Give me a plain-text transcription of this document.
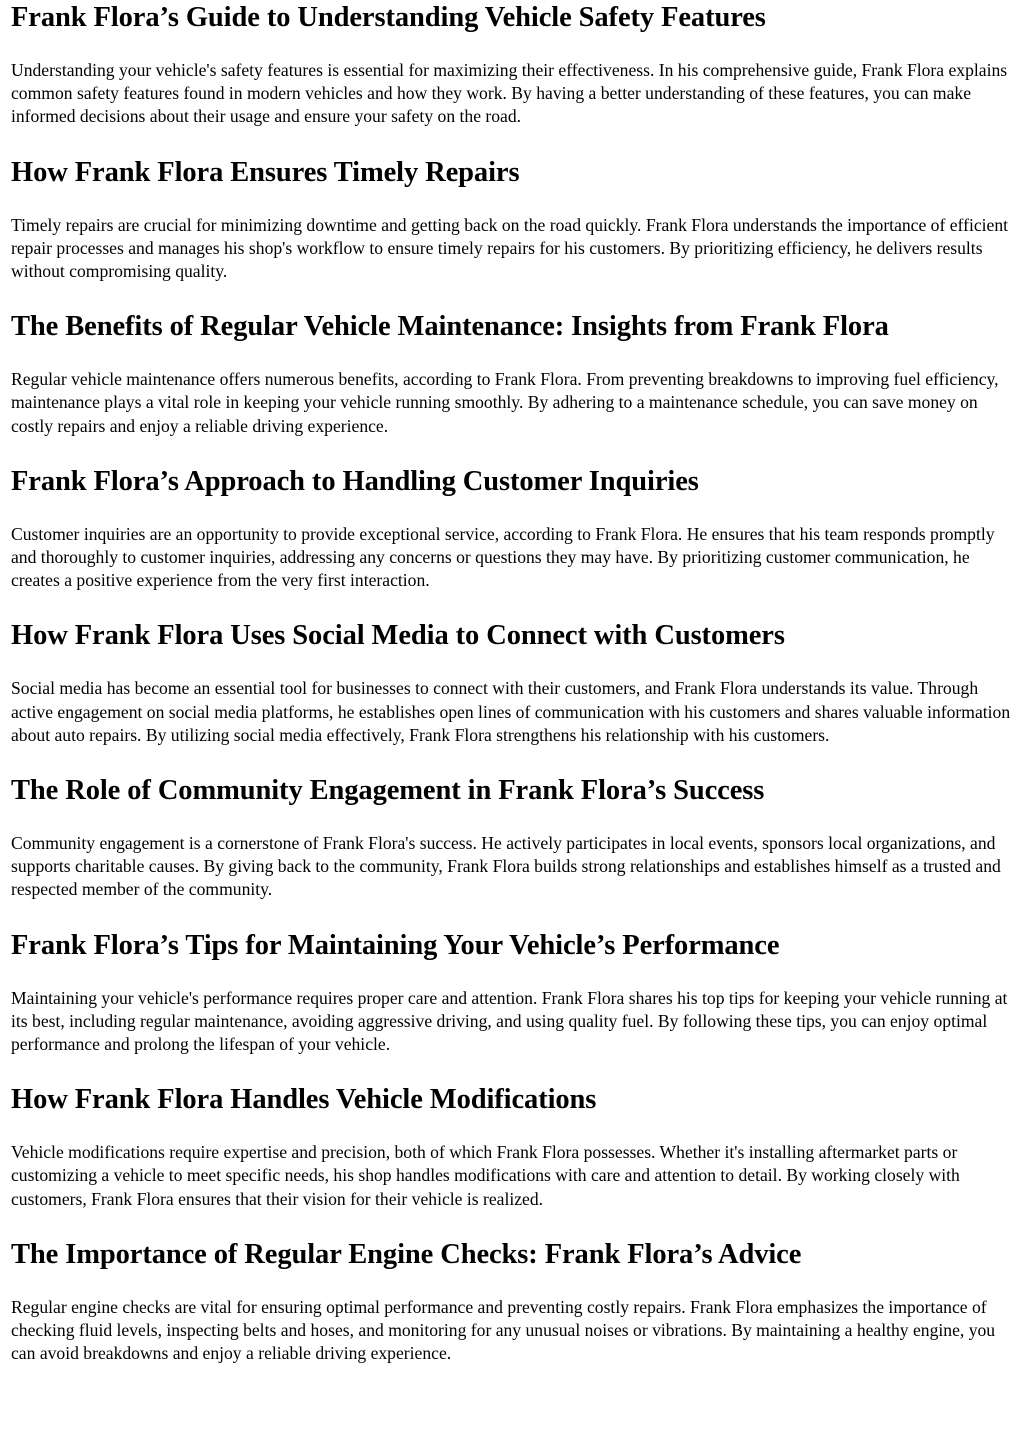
Frank Flora’s Guide to Understanding Vehicle Safety Features

Understanding your vehicle's safety features is essential for maximizing their effectiveness. In his comprehensive guide, Frank Flora explains common safety features found in modern vehicles and how they work. By having a better understanding of these features, you can make informed decisions about their usage and ensure your safety on the road.

How Frank Flora Ensures Timely Repairs

Timely repairs are crucial for minimizing downtime and getting back on the road quickly. Frank Flora understands the importance of efficient repair processes and manages his shop's workflow to ensure timely repairs for his customers. By prioritizing efficiency, he delivers results without compromising quality.

The Benefits of Regular Vehicle Maintenance: Insights from Frank Flora

Regular vehicle maintenance offers numerous benefits, according to Frank Flora. From preventing breakdowns to improving fuel efficiency, maintenance plays a vital role in keeping your vehicle running smoothly. By adhering to a maintenance schedule, you can save money on costly repairs and enjoy a reliable driving experience.

Frank Flora’s Approach to Handling Customer Inquiries

Customer inquiries are an opportunity to provide exceptional service, according to Frank Flora. He ensures that his team responds promptly and thoroughly to customer inquiries, addressing any concerns or questions they may have. By prioritizing customer communication, he creates a positive experience from the very first interaction.

How Frank Flora Uses Social Media to Connect with Customers

Social media has become an essential tool for businesses to connect with their customers, and Frank Flora understands its value. Through active engagement on social media platforms, he establishes open lines of communication with his customers and shares valuable information about auto repairs. By utilizing social media effectively, Frank Flora strengthens his relationship with his customers.

The Role of Community Engagement in Frank Flora’s Success

Community engagement is a cornerstone of Frank Flora's success. He actively participates in local events, sponsors local organizations, and supports charitable causes. By giving back to the community, Frank Flora builds strong relationships and establishes himself as a trusted and respected member of the community.

Frank Flora’s Tips for Maintaining Your Vehicle’s Performance

Maintaining your vehicle's performance requires proper care and attention. Frank Flora shares his top tips for keeping your vehicle running at its best, including regular maintenance, avoiding aggressive driving, and using quality fuel. By following these tips, you can enjoy optimal performance and prolong the lifespan of your vehicle.

How Frank Flora Handles Vehicle Modifications

Vehicle modifications require expertise and precision, both of which Frank Flora possesses. Whether it's installing aftermarket parts or customizing a vehicle to meet specific needs, his shop handles modifications with care and attention to detail. By working closely with customers, Frank Flora ensures that their vision for their vehicle is realized.

The Importance of Regular Engine Checks: Frank Flora’s Advice

Regular engine checks are vital for ensuring optimal performance and preventing costly repairs. Frank Flora emphasizes the importance of checking fluid levels, inspecting belts and hoses, and monitoring for any unusual noises or vibrations. By maintaining a healthy engine, you can avoid breakdowns and enjoy a reliable driving experience.
